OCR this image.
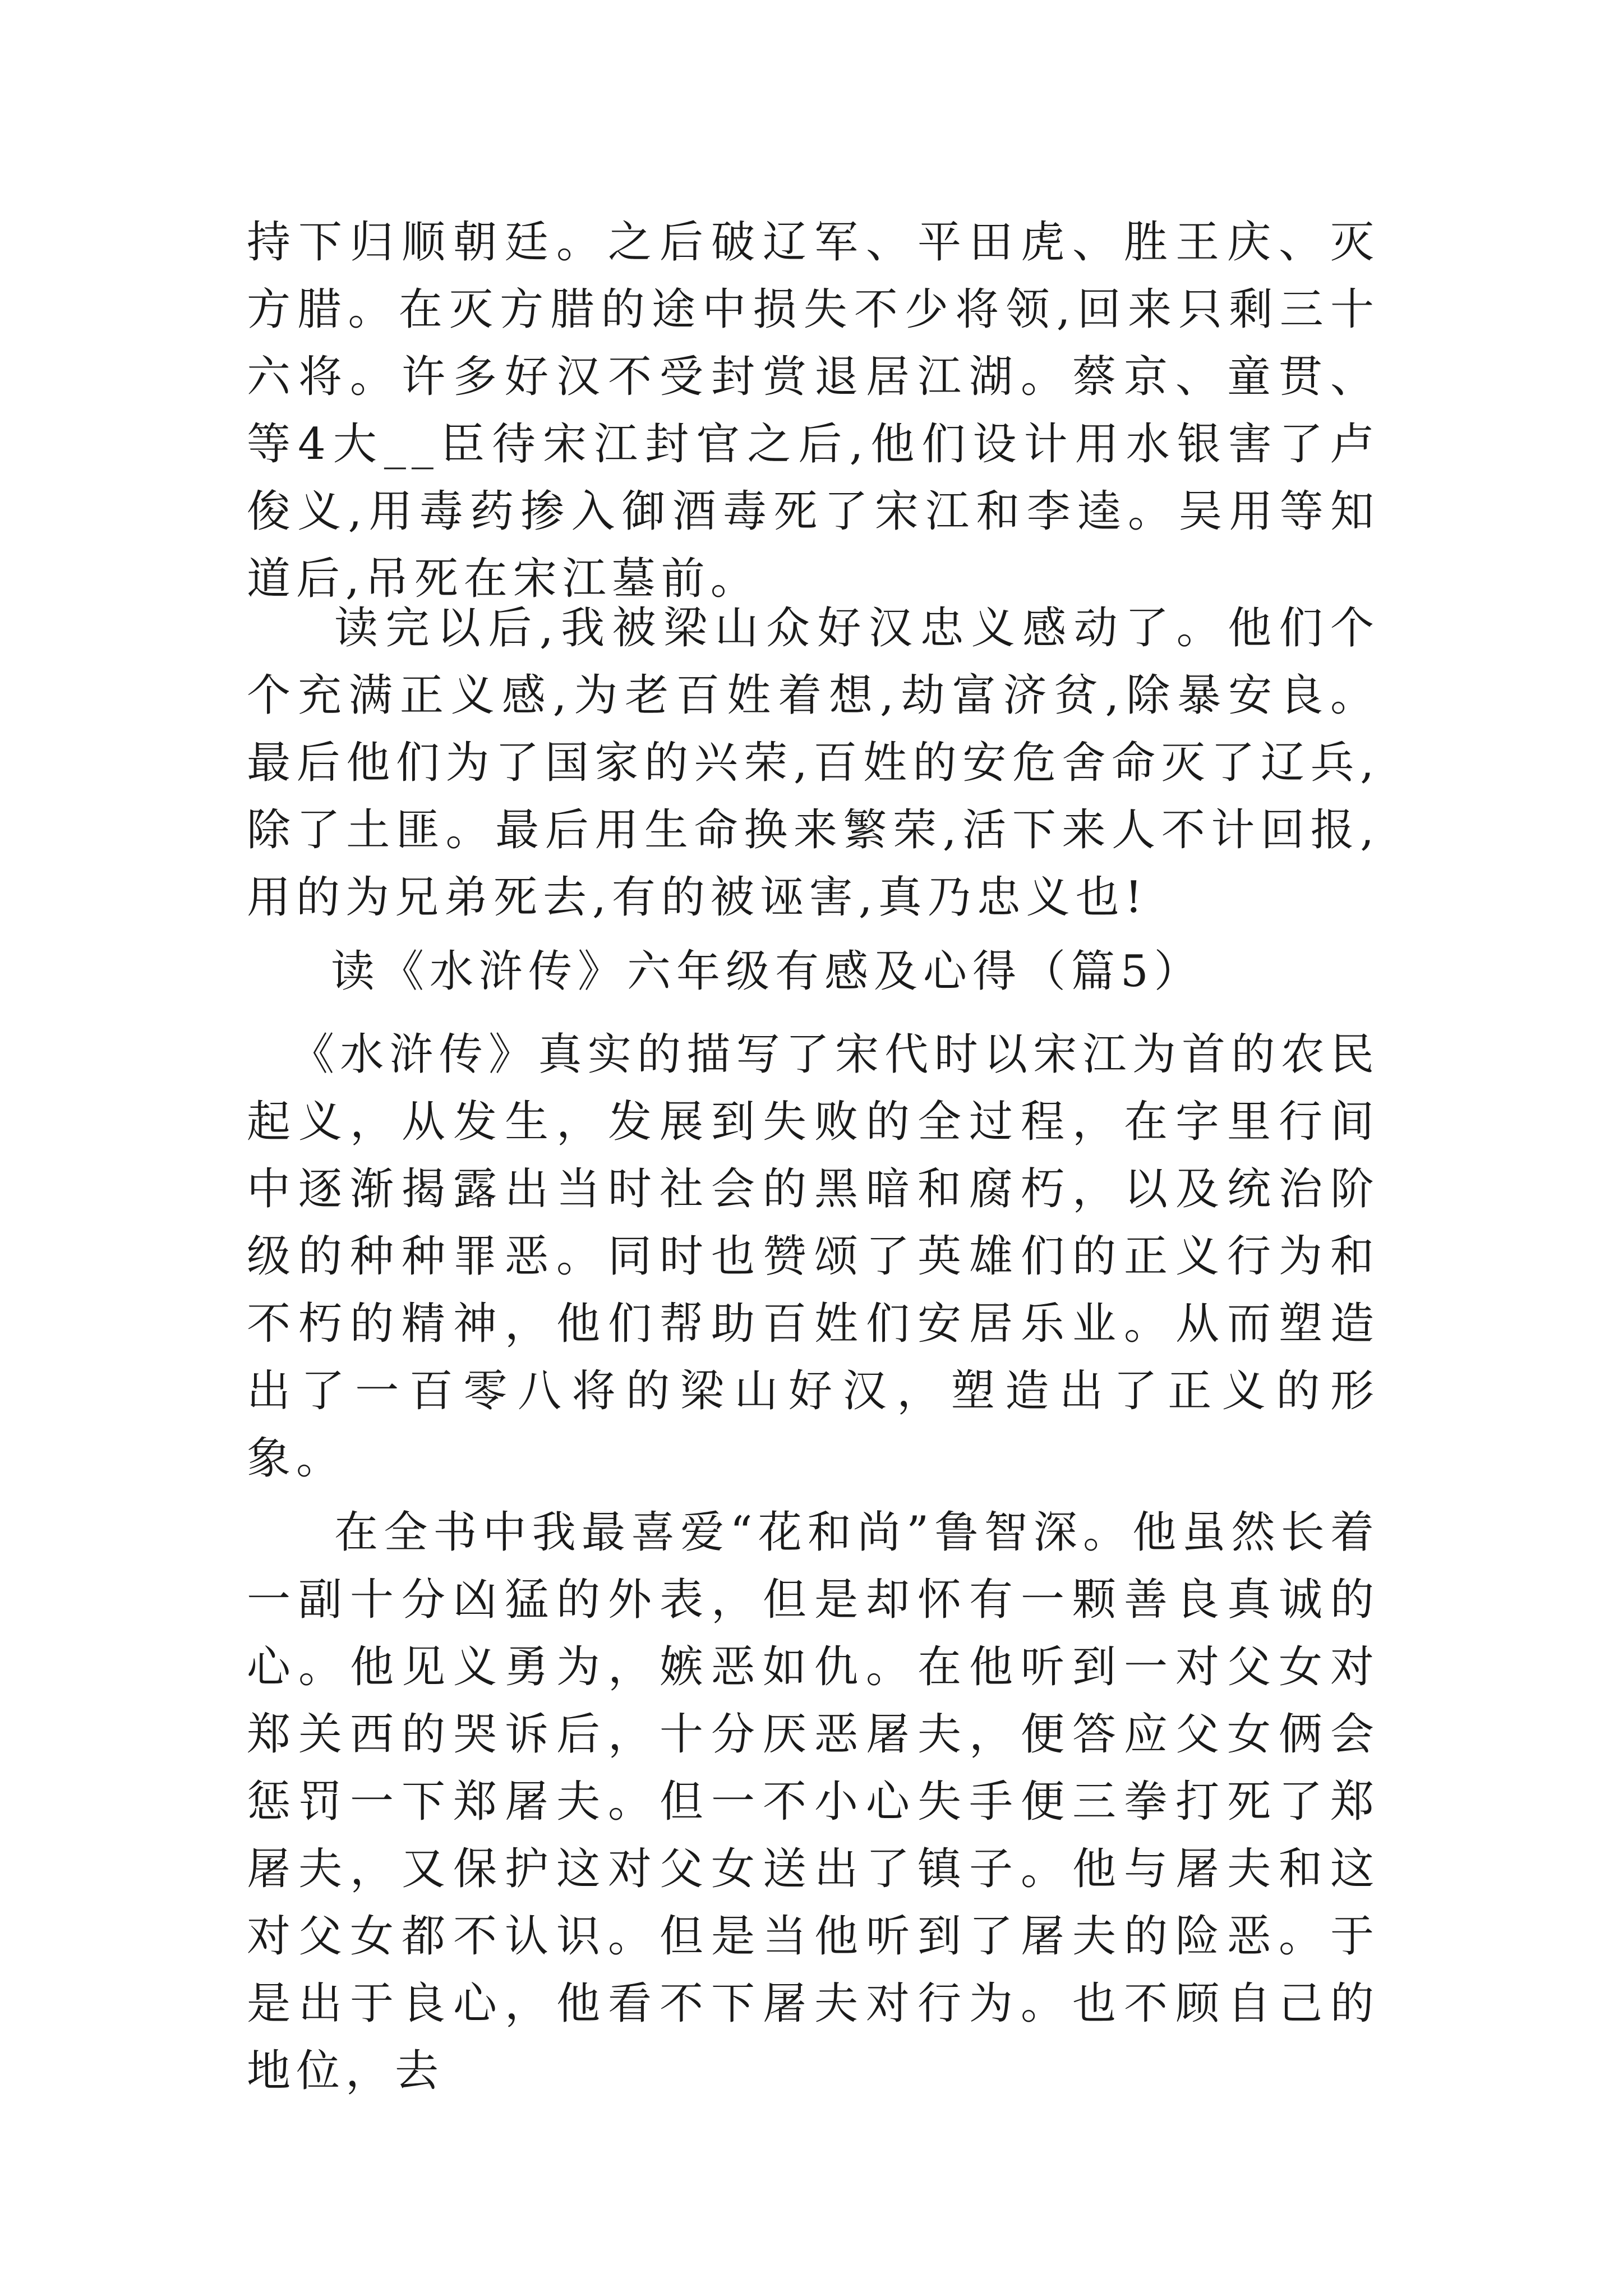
持下归顺朝廷。之后破辽军、平田虎、胜王庆、灭方腊。在灭方腊的途中损失不少将领,回来只剩三十六将。许多好汉不受封赏退居江湖。蔡京、童贯、等4大__臣待宋江封官之后,他们设计用水银害了卢俊义,用毒药掺入御酒毒死了宋江和李逵。吴用等知道后,吊死在宋江墓前。

读完以后,我被梁山众好汉忠义感动了。他们个个充满正义感,为老百姓着想,劫富济贫,除暴安良。最后他们为了国家的兴荣,百姓的安危舍命灭了辽兵,除了土匪。最后用生命换来繁荣,活下来人不计回报,用的为兄弟死去,有的被诬害,真乃忠义也!

读《水浒传》六年级有感及心得（篇5）

《水浒传》真实的描写了宋代时以宋江为首的农民起义，从发生，发展到失败的全过程，在字里行间中逐渐揭露出当时社会的黑暗和腐朽，以及统治阶级的种种罪恶。同时也赞颂了英雄们的正义行为和不朽的精神，他们帮助百姓们安居乐业。从而塑造出了一百零八将的梁山好汉，塑造出了正义的形象。

在全书中我最喜爱“花和尚”鲁智深。他虽然长着一副十分凶猛的外表，但是却怀有一颗善良真诚的心。他见义勇为，嫉恶如仇。在他听到一对父女对郑关西的哭诉后，十分厌恶屠夫，便答应父女俩会惩罚一下郑屠夫。但一不小心失手便三拳打死了郑屠夫，又保护这对父女送出了镇子。他与屠夫和这对父女都不认识。但是当他听到了屠夫的险恶。于是出于良心，他看不下屠夫对行为。也不顾自己的地位，去
